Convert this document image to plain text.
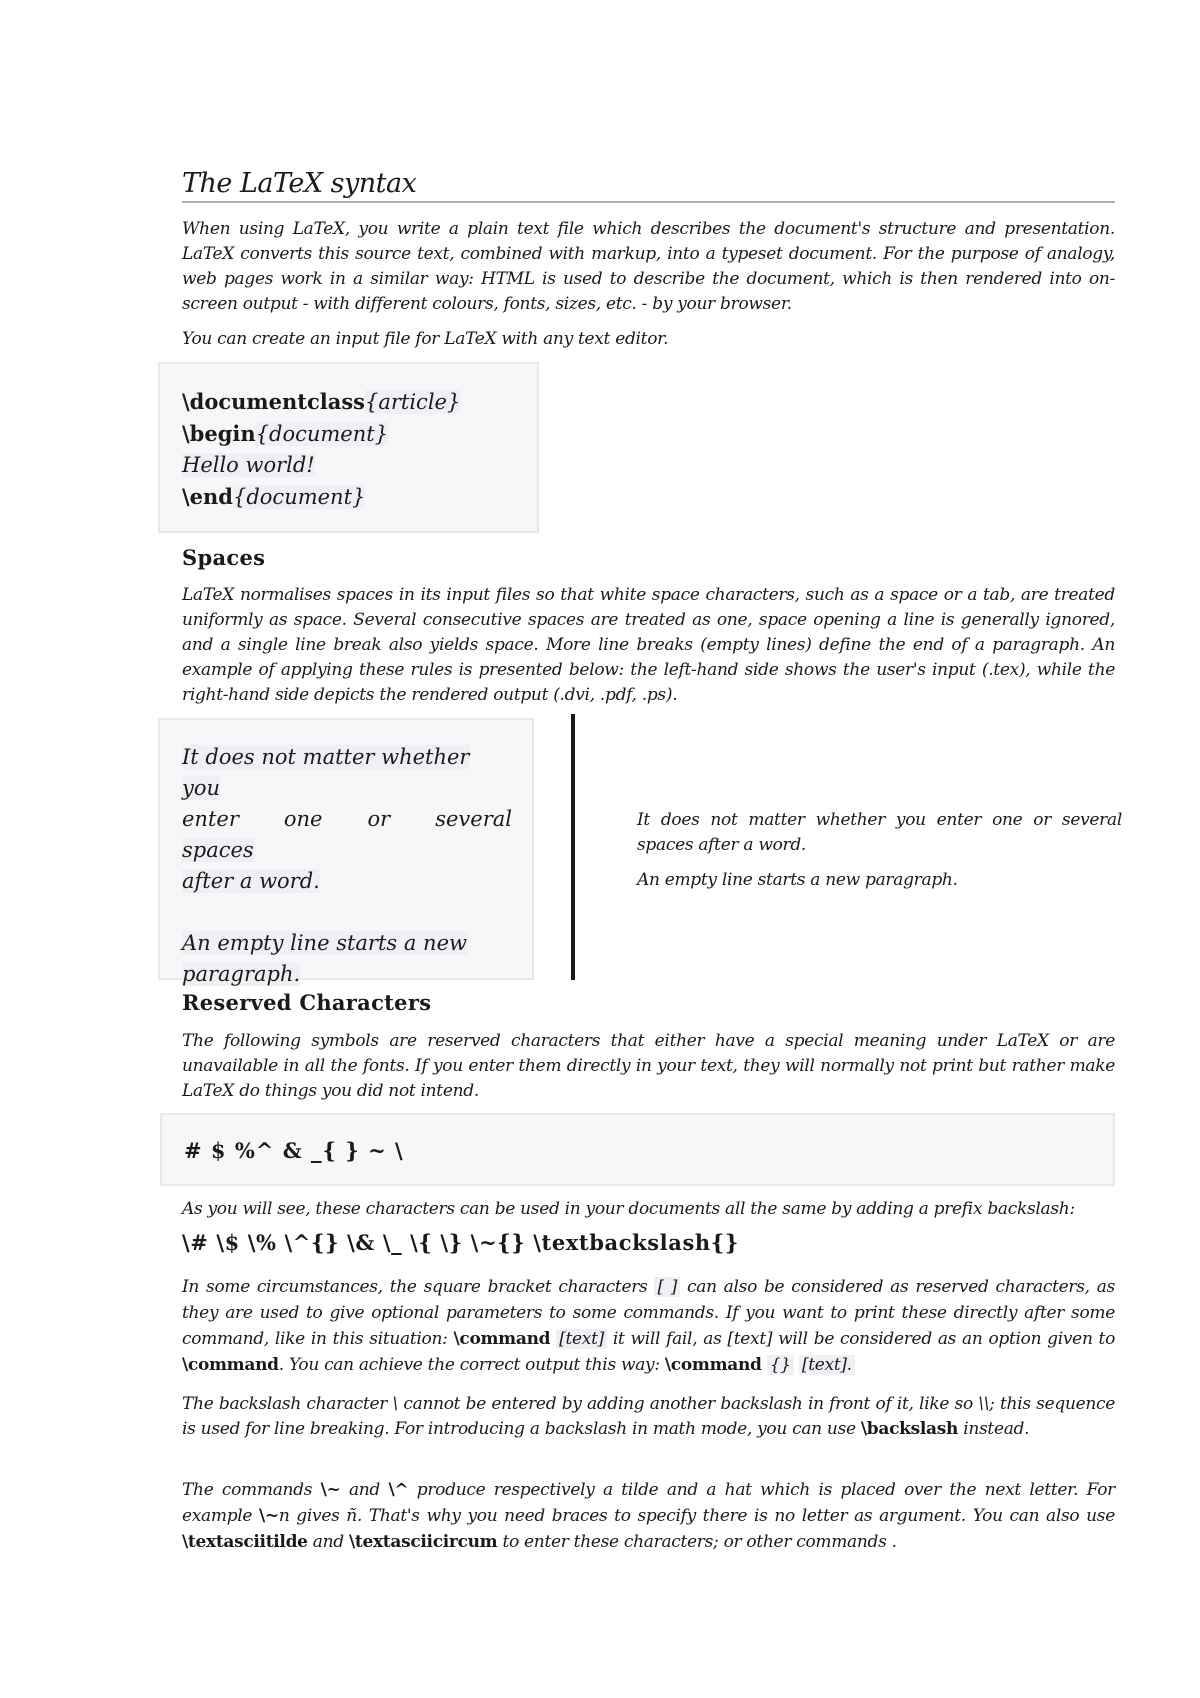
The LaTeX syntax
When using LaTeX, you write a plain text file which describes the document's structure and presentation. LaTeX converts this source text, combined with markup, into a typeset document. For the purpose of analogy, web pages work in a similar way: HTML is used to describe the document, which is then rendered into on-screen output - with different colours, fonts, sizes, etc. - by your browser.
You can create an input file for LaTeX with any text editor.
\documentclass{article}
\begin{document}
Hello world!
\end{document}
Spaces
LaTeX normalises spaces in its input files so that white space characters, such as a space or a tab, are treated uniformly as space. Several consecutive spaces are treated as one, space opening a line is generally ignored, and a single line break also yields space. More line breaks (empty lines) define the end of a paragraph. An example of applying these rules is presented below: the left-hand side shows the user's input (.tex), while the right-hand side depicts the rendered output (.dvi, .pdf, .ps).
It does not matter whether you
enter one or several
spaces
after a word.
An empty line starts a new
paragraph.
It does not matter whether you enter one or several spaces after a word.
An empty line starts a new paragraph.
Reserved Characters
The following symbols are reserved characters that either have a special meaning under LaTeX or are unavailable in all the fonts. If you enter them directly in your text, they will normally not print but rather make LaTeX do things you did not intend.
# $ %^ & _{ } ~ \
As you will see, these characters can be used in your documents all the same by adding a prefix backslash:
\# \$ \% \^{} \& \_ \{ \} \~{} \textbackslash{}
In some circumstances, the square bracket characters [ ] can also be considered as reserved characters, as they are used to give optional parameters to some commands. If you want to print these directly after some command, like in this situation: \command [text] it will fail, as [text] will be considered as an option given to \command. You can achieve the correct output this way: \command {} [text].
The backslash character \ cannot be entered by adding another backslash in front of it, like so \\; this sequence is used for line breaking. For introducing a backslash in math mode, you can use \backslash instead.
The commands \~ and \^ produce respectively a tilde and a hat which is placed over the next letter. For example \~n gives ñ. That's why you need braces to specify there is no letter as argument. You can also use \textasciitilde and \textasciicircum to enter these characters; or other commands .
